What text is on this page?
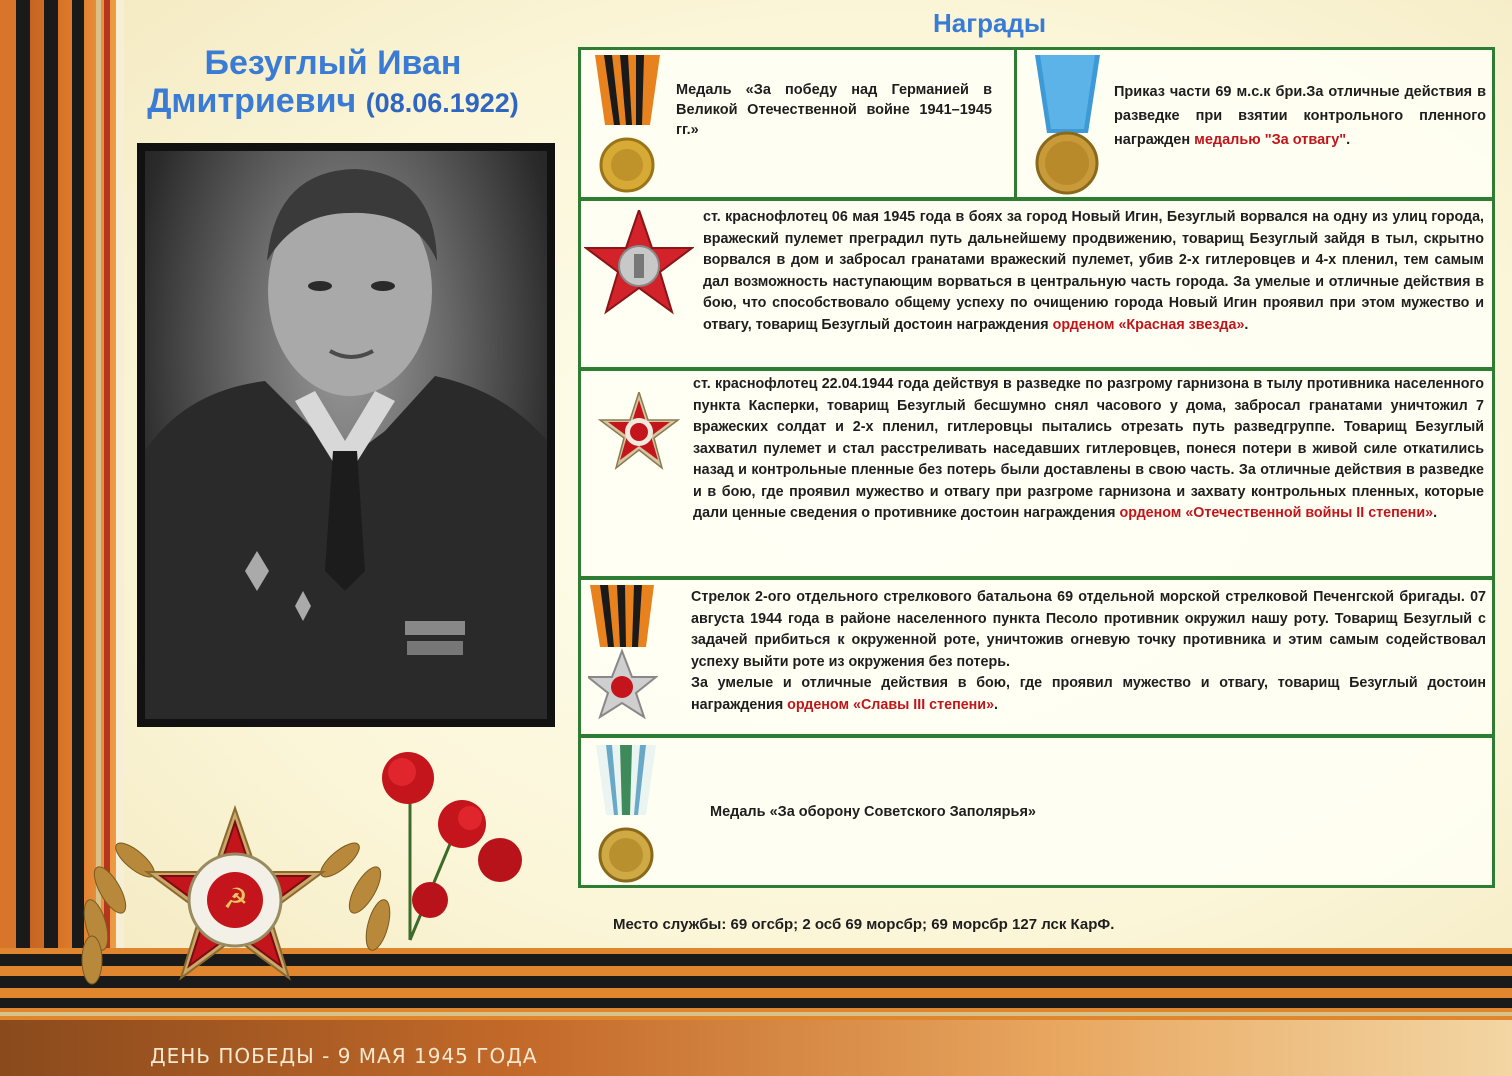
ДЕНЬ ПОБЕДЫ - 9 МАЯ 1945 ГОДА
☭
Награды
Безуглый Иван
Дмитриевич (08.06.1922)	Медаль «За победу над Германией в Великой Отечественной войне 1941–1945 гг.»
Приказ части 69 м.с.к бри.За отличные действия в разведке при взятии контрольного пленного награжден медалью "За отвагу".
ст. краснофлотец 06 мая 1945 года в боях за город Новый Игин, Безуглый ворвался на одну из улиц города, вражеский пулемет преградил путь дальнейшему продвижению, товарищ Безуглый зайдя в тыл, скрытно ворвался в дом и забросал гранатами вражеский пулемет, убив 2-х гитлеровцев и 4-х пленил, тем самым дал возможность наступающим ворваться в центральную часть города. За умелые и отличные действия в бою, что способствовало общему успеху по очищению города Новый Игин проявил при этом мужество и отвагу, товарищ Безуглый достоин награждения орденом «Красная звезда».
ст. краснофлотец 22.04.1944 года действуя в разведке по разгрому гарнизона в тылу противника населенного пункта Касперки, товарищ Безуглый бесшумно снял часового у дома, забросал гранатами уничтожил 7 вражеских солдат и 2-х пленил, гитлеровцы пытались отрезать путь разведгруппе. Товарищ Безуглый захватил пулемет и стал расстреливать наседавших гитлеровцев, понеся потери в живой силе откатились назад и контрольные пленные без потерь были доставлены в свою часть. За отличные действия в разведке и в бою, где проявил мужество и отвагу при разгроме гарнизона и захвату контрольных пленных, которые дали ценные сведения о противнике достоин награждения орденом «Отечественной войны II степени».
Стрелок 2-ого отдельного стрелкового батальона 69 отдельной морской стрелковой Печенгской бригады. 07 августа 1944 года в районе населенного пункта Песоло противник окружил нашу роту. Товарищ Безуглый с задачей прибиться к окруженной роте, уничтожив огневую точку противника и этим самым содействовал успеху выйти роте из окружения без потерь.
За умелые и отличные действия в бою, где проявил мужество и отвагу, товарищ Безуглый достоин награждения орденом «Славы III степени».
Медаль «За оборону Советского Заполярья»
Место службы: 69 огсбр; 2 осб 69 морсбр; 69 морсбр 127 лск КарФ.
